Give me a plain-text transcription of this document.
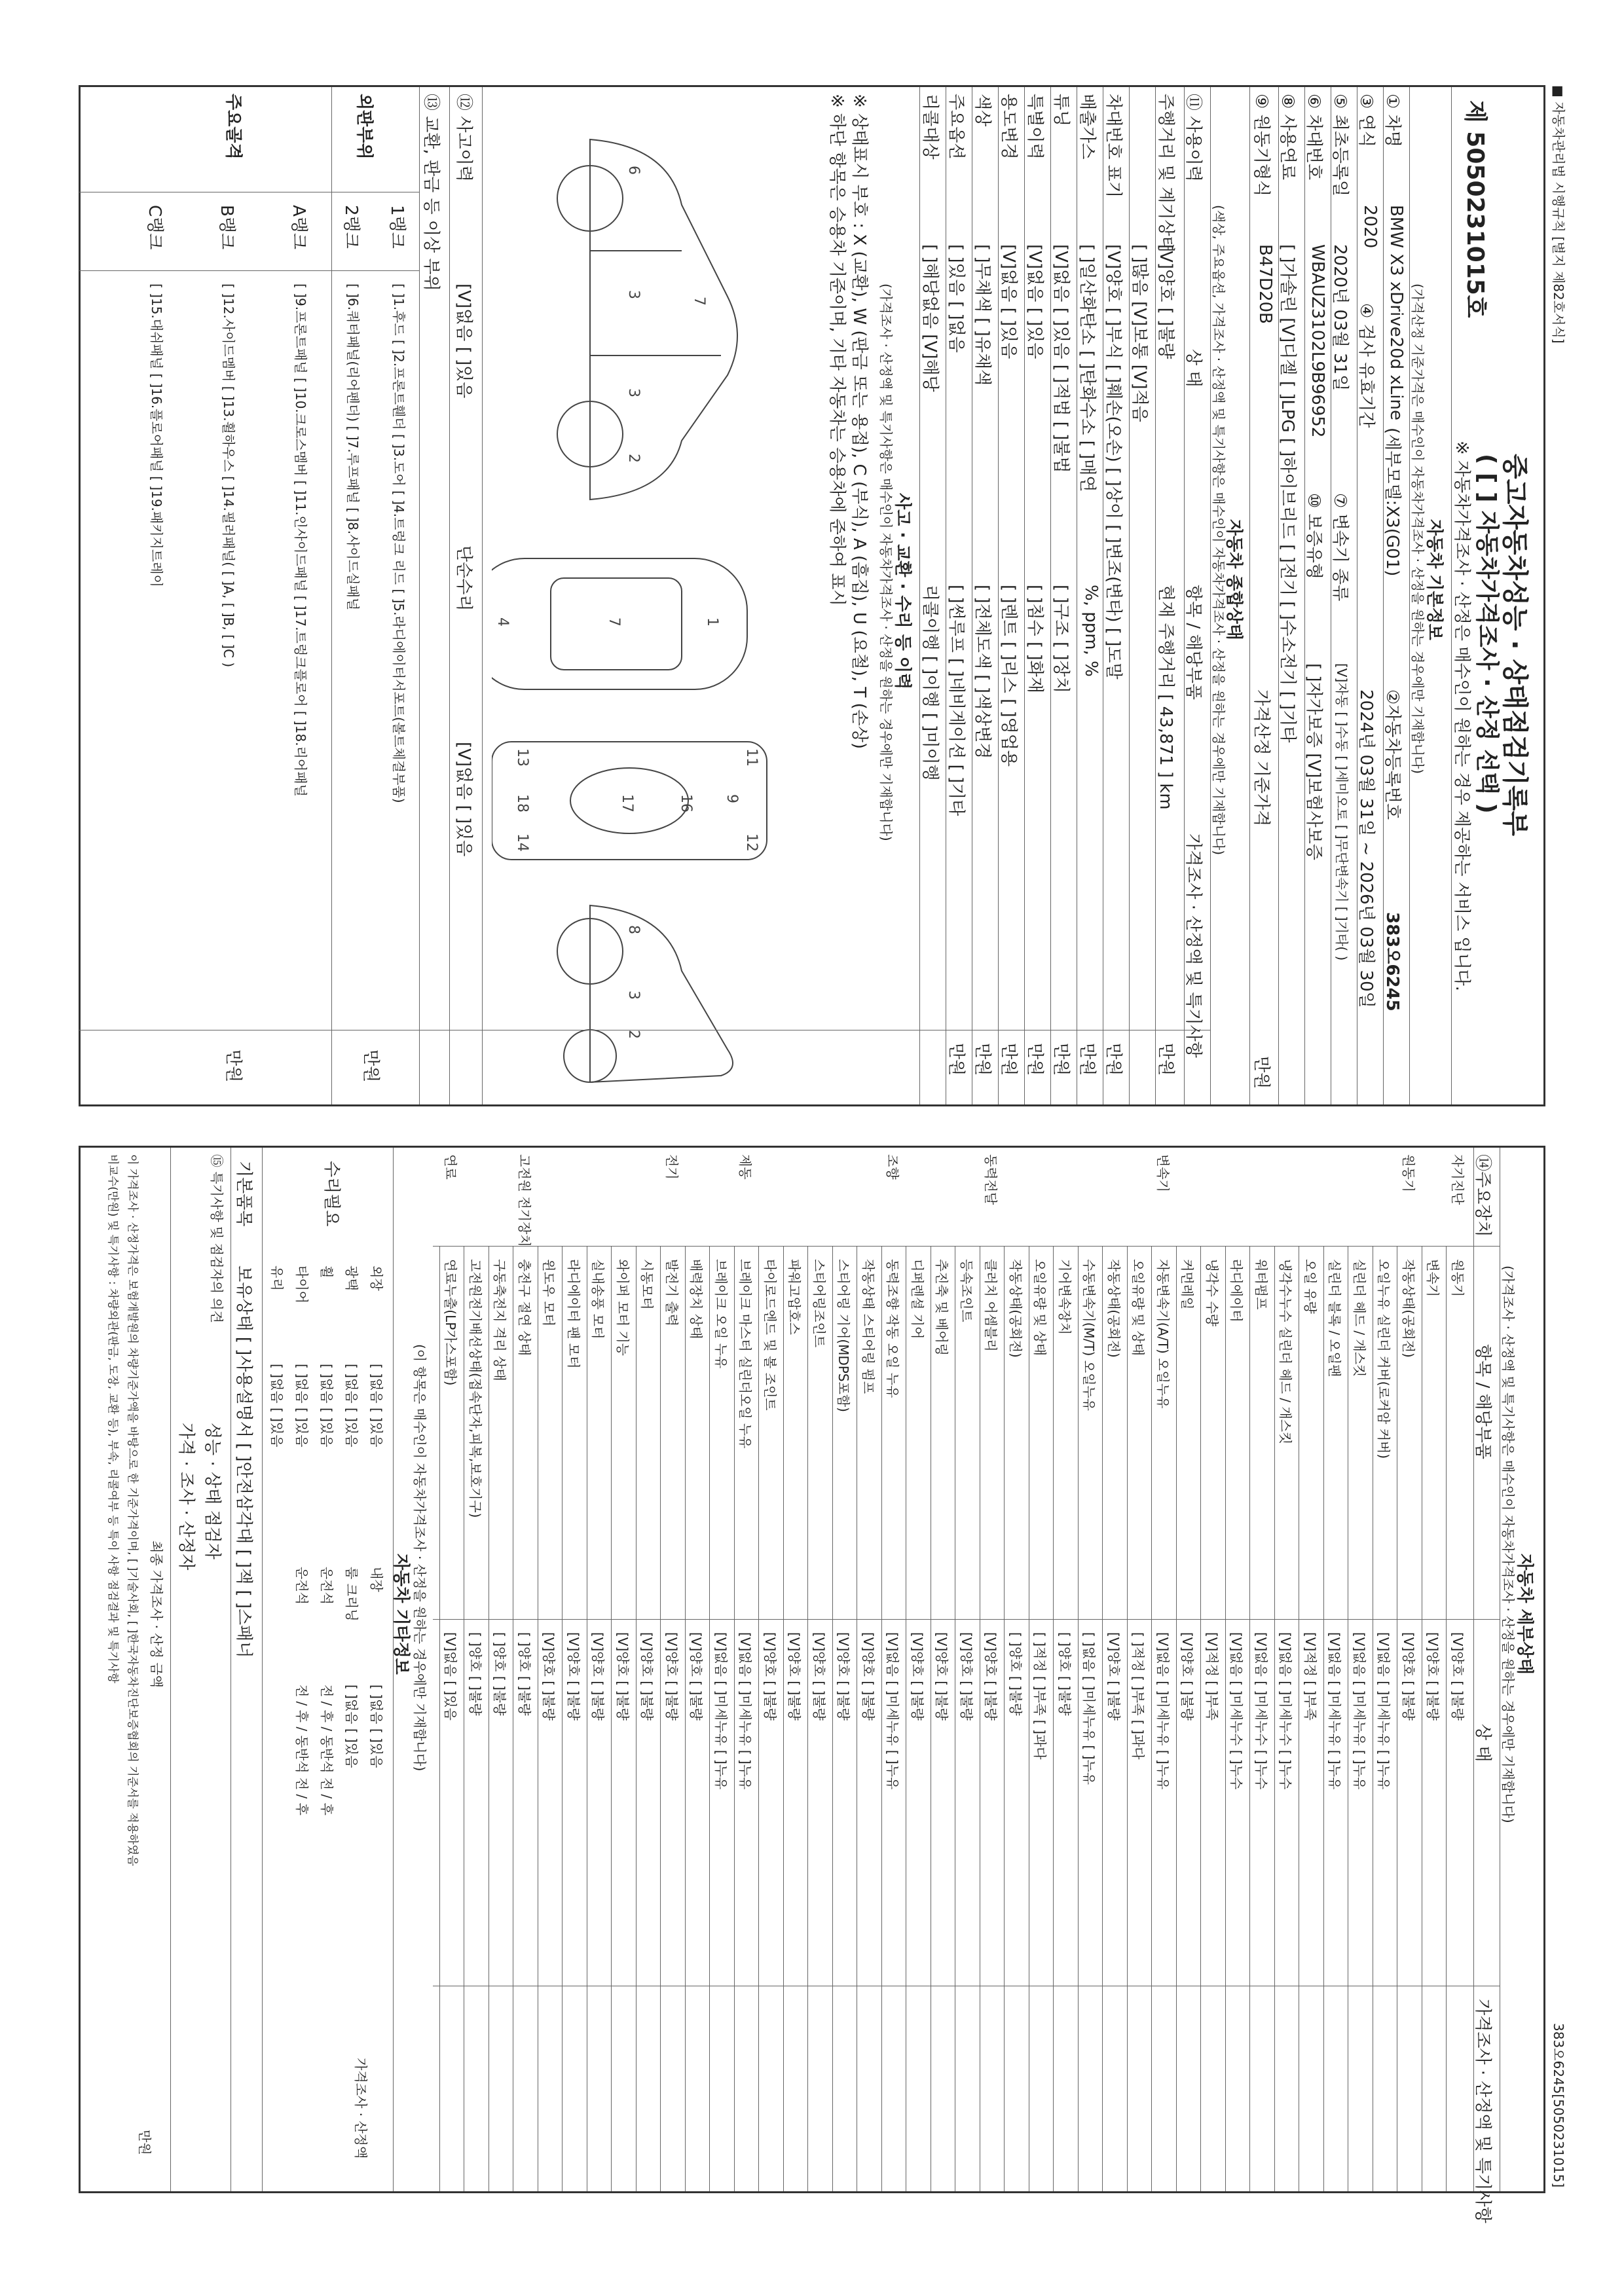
■ 자동차관리법 시행규칙 [별지 제82호서식]
383오6245[5050231015]
중고자동차성능 · 상태점검기록부
( [ ] 자동차가격조사 · 산정 선택 )
제 5050231015호
※ 자동차가격조사 · 산정은 매수인이 원하는 경우 제공하는 서비스 입니다.
자동차 기본정보
(가격산정 기준가격은 매수인이 자동차가격조사 · 산정을 원하는 경우에만 기재합니다)
① 차명
BMW X3 xDrive20d xLine
(세부모델:X3(G01)
②자동차등록번호
383오6245
③ 연식
2020
④ 검사 유효기간
2024년 03월 31일 ~ 2026년 03월 30일
⑤ 최초등록일
2020년 03월 31일
⑦ 변속기 종류
[V]자동 [ ]수동 [ ]세미오토 [ ]무단변속기 [ ]기타( )
⑥ 차대번호
WBAUZ3102L9B96952
⑩ 보증유형
[ ]자가보증 [V]보험사보증
⑧ 사용연료
[ ]가솔린 [V]디젤 [ ]LPG [ ]하이브리드 [ ]전기 [ ]수소전기 [ ]기타
⑨ 원동기형식
B47D20B
가격산정 기준가격
만원
자동차 종합상태
(색상, 주요옵션, 가격조사 · 산정액 및 특기사항은 매수인이 자동차가격조사 · 산정을 원하는 경우에만 기재합니다)
⑪ 사용이력
상 태
항목 / 해당부품
가격조사 · 산정액 및 특기사항
주행거리 및 계기상태
[V]양호 [ ]불량
현재 주행거리 [ 43,871 ] km
만원
[ ]많음 [V]보통 [V]적음
차대번호 표기
[V]양호 [ ]부식 [ ]훼손(오손) [ ]상이 [ ]변조(변타) [ ]도말
만원
배출가스
[ ]일산화탄소 [ ]탄화수소 [ ]매연
%, ppm, %
만원
튜닝
[V]없음 [ ]있음 [ ]적법 [ ]불법
[ ]구조 [ ]장치
만원
특별이력
[V]없음 [ ]있음
[ ]침수 [ ]화재
만원
용도변경
[V]없음 [ ]있음
[ ]렌트 [ ]리스 [ ]영업용
만원
색상
[ ]무채색 [ ]유채색
[ ]전체도색 [ ]색상변경
만원
주요옵션
[ ]있음 [ ]없음
[ ]썬루프 [ ]네비게이션 [ ]기타
만원
리콜대상
[ ]해당없음 [V]해당
리콜이행 [ ]이행 [ ]미이행
사고 · 교환 · 수리 등 이력
(가격조사 · 산정액 및 특기사항은 매수인이 자동차가격조사 · 산정을 원하는 경우에만 기재합니다)
※ 상태표시 부호 : X (교환), W (판금 또는 용접), C (부식), A (흠집), U (요철), T (손상)
※ 하단 항목은 승용차 기준이며, 기타 자동차는 승용차에 준하여 표시
6
3
3
7
2
1
7
4
9
16
17
18
11
12
13
14
8
3
2
⑫ 사고이력
[V]없음 [ ]있음
단순수리
[V]없음 [ ]있음
⑬ 교환, 판금 등 이상 부위
외판부위
1랭크
[ ]1.후드 [ ]2.프론트휀더 [ ]3.도어 [ ]4.트렁크 리드 [ ]5.라디에이터서포트(볼트체결부품)
2랭크
[ ]6.쿼터패널(리어펜더) [ ]7.루프패널 [ ]8.사이드실패널
만원
주요골격
A랭크
[ ]9.프론트패널 [ ]10.크로스멤버 [ ]11.인사이드패널 [ ]17.트렁크플로어 [ ]18.리어패널
B랭크
[ ]12.사이드멤버 [ ]13.휠하우스 [ ]14.필러패널( [ ]A, [ ]B, [ ]C )
C랭크
[ ]15.대쉬패널 [ ]16.플로어패널 [ ]19.패키지트레이
만원
자동차 세부상태
(가격조사 · 산정액 및 특기사항은 매수인이 자동차가격조사 · 산정을 원하는 경우에만 기재합니다)
⑭주요장치
항목 / 해당부품
상 태
가격조사 · 산정액 및 특기사항
자기진단
원동기
[V]양호 [ ]불량
변속기
[V]양호 [ ]불량
원동기
작동상태(공회전)
[V]양호 [ ]불량
오일누유 실린더 커버(로커암 커버)
[V]없음 [ ]미세누유 [ ]누유
실린더 헤드 / 개스킷
[V]없음 [ ]미세누유 [ ]누유
실린더 블록 / 오일팬
[V]없음 [ ]미세누유 [ ]누유
오일 유량
[V]적정 [ ]부족
냉각수누수 실린더 헤드 / 개스킷
[V]없음 [ ]미세누수 [ ]누수
워터펌프
[V]없음 [ ]미세누수 [ ]누수
라디에이터
[V]없음 [ ]미세누수 [ ]누수
냉각수 수량
[V]적정 [ ]부족
커먼레일
[V]양호 [ ]불량
변속기
자동변속기(A/T) 오일누유
[V]없음 [ ]미세누유 [ ]누유
오일유량 및 상태
[ ]적정 [ ]부족 [ ]과다
작동상태(공회전)
[V]양호 [ ]불량
수동변속기(M/T) 오일누유
[ ]없음 [ ]미세누유 [ ]누유
기어변속장치
[ ]양호 [ ]불량
오일유량 및 상태
[ ]적정 [ ]부족 [ ]과다
작동상태(공회전)
[ ]양호 [ ]불량
동력전달
클러치 어셈블리
[V]양호 [ ]불량
등속조인트
[V]양호 [ ]불량
추진축 및 베어링
[V]양호 [ ]불량
디퍼렌셜 기어
[V]양호 [ ]불량
조향
동력조향 작동 오일 누유
[V]없음 [ ]미세누유 [ ]누유
작동상태 스티어링 펌프
[V]양호 [ ]불량
스티어링 기어(MDPS포함)
[V]양호 [ ]불량
스티어링조인트
[V]양호 [ ]불량
파워고압호스
[V]양호 [ ]불량
타이로드엔드 및 볼 조인트
[V]양호 [ ]불량
제동
브레이크 마스터 실린더오일 누유
[V]없음 [ ]미세누유 [ ]누유
브레이크 오일 누유
[V]없음 [ ]미세누유 [ ]누유
배력장치 상태
[V]양호 [ ]불량
전기
발전기 출력
[V]양호 [ ]불량
시동모터
[V]양호 [ ]불량
와이퍼 모터 기능
[V]양호 [ ]불량
실내송풍 모터
[V]양호 [ ]불량
라디에이터 팬 모터
[V]양호 [ ]불량
윈도우 모터
[V]양호 [ ]불량
고전원 전기장치
충전구 절연 상태
[ ]양호 [ ]불량
구동축전지 격리 상태
[ ]양호 [ ]불량
고전원전기배선상태(접속단자,피복,보호기구)
[ ]양호 [ ]불량
연료
연료누출(LP가스포함)
[V]없음 [ ]있음
(이 항목은 매수인이 자동차가격조사 · 산정을 원하는 경우에만 기재합니다)
자동차 기타정보
수리필요
외장
[ ]없음 [ ]있음
내장
[ ]없음 [ ]있음
광택
[ ]없음 [ ]있음
룸 크리닝
[ ]없음 [ ]있음
휠
[ ]없음 [ ]있음
운전석
전 / 후 / 동반석 전 / 후
타이어
[ ]없음 [ ]있음
운전석
전 / 후 / 동반석 전 / 후
유리
[ ]없음 [ ]있음
기본품목
보유상태 [ ]사용설명서 [ ]안전삼각대 [ ]잭 [ ]스패너
가격조사 · 산정액
⑮ 특기사항 및 점검자의 의견
성능 · 상태 점검자
가격 · 조사 · 산정자
최종 가격조사 · 산정 금액
만원
이 가격조사 · 산정가격은 보험개발원의 차량기준가액을 바탕으로 한 기준가격이며, [ ]기술사회, [ ]한국자동차진단보증협회의 기준서를 적용하였음
비교수(만원) 및 특기사항 : 차량외관(판금, 도장, 교환 등), 부속, 리콜여부 등 특이 사항 점검결과 및 특기사항
